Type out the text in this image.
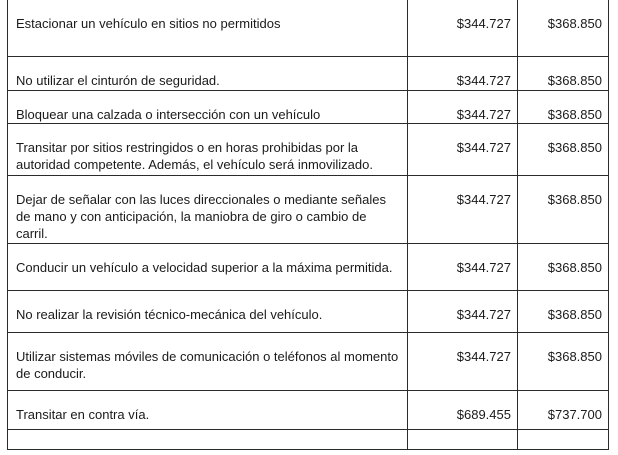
Estacionar un vehículo en sitios no permitidos	$344.727	$368.850
No utilizar el cinturón de seguridad.	$344.727	$368.850
Bloquear una calzada o intersección con un vehículo	$344.727	$368.850
Transitar por sitios restringidos o en horas prohibidas por la autoridad competente. Además, el vehículo será inmovilizado.	$344.727	$368.850
Dejar de señalar con las luces direccionales o mediante señales de mano y con anticipación, la maniobra de giro o cambio de carril.	$344.727	$368.850
Conducir un vehículo a velocidad superior a la máxima permitida.	$344.727	$368.850
No realizar la revisión técnico-mecánica del vehículo.	$344.727	$368.850
Utilizar sistemas móviles de comunicación o teléfonos al momento de conducir.	$344.727	$368.850
Transitar en contra vía.	$689.455	$737.700
